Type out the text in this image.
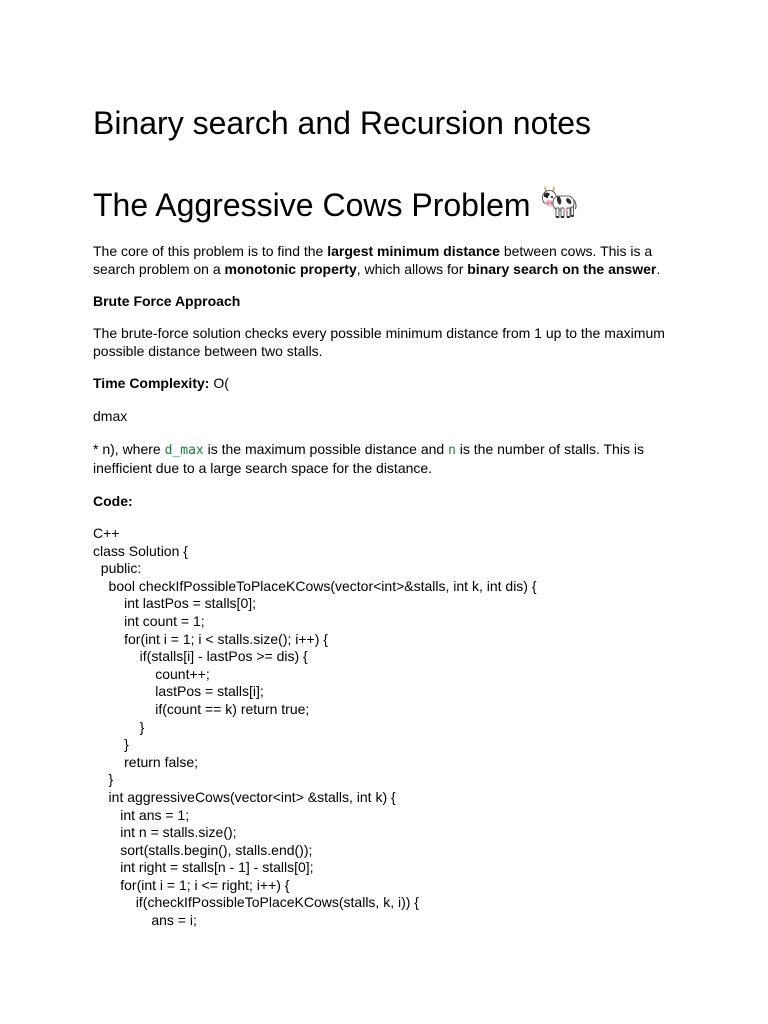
Binary search and Recursion notes
The Aggressive Cows Problem
The core of this problem is to find the largest minimum distance between cows. This is a search problem on a monotonic property, which allows for binary search on the answer.
Brute Force Approach
The brute-force solution checks every possible minimum distance from 1 up to the maximum possible distance between two stalls.
Time Complexity: O(
dmax
* n), where d_max is the maximum possible distance and n is the number of stalls. This is inefficient due to a large search space for the distance.
Code:
C++
class Solution {
public:
bool checkIfPossibleToPlaceKCows(vector<int>&stalls, int k, int dis) {
int lastPos = stalls[0];
int count = 1;
for(int i = 1; i < stalls.size(); i++) {
if(stalls[i] - lastPos >= dis) {
count++;
lastPos = stalls[i];
if(count == k) return true;
}
}
return false;
}
int aggressiveCows(vector<int> &stalls, int k) {
int ans = 1;
int n = stalls.size();
sort(stalls.begin(), stalls.end());
int right = stalls[n - 1] - stalls[0];
for(int i = 1; i <= right; i++) {
if(checkIfPossibleToPlaceKCows(stalls, k, i)) {
ans = i;
